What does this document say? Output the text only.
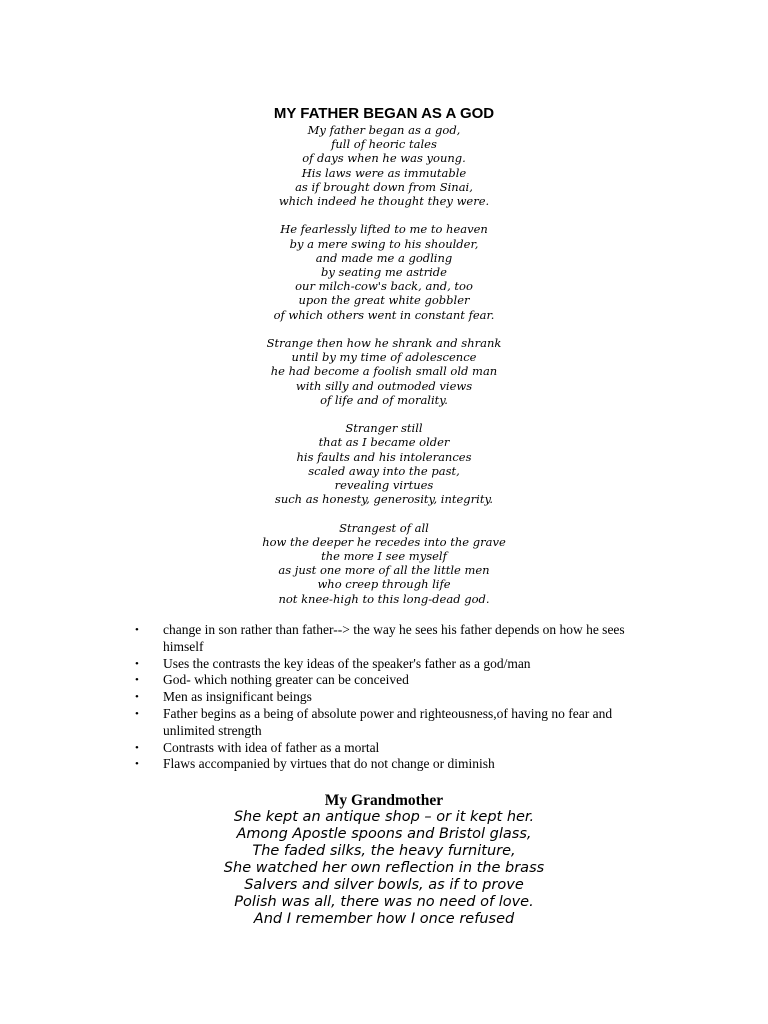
MY FATHER BEGAN AS A GOD
My father began as a god,
full of heoric tales
of days when he was young.
His laws were as immutable
as if brought down from Sinai,
which indeed he thought they were.
He fearlessly lifted to me to heaven
by a mere swing to his shoulder,
and made me a godling
by seating me astride
our milch-cow's back, and, too
upon the great white gobbler
of which others went in constant fear.
Strange then how he shrank and shrank
until by my time of adolescence
he had become a foolish small old man
with silly and outmoded views
of life and of morality.
Stranger still
that as I became older
his faults and his intolerances
scaled away into the past,
revealing virtues
such as honesty, generosity, integrity.
Strangest of all
how the deeper he recedes into the grave
the more I see myself
as just one more of all the little men
who creep through life
not knee-high to this long-dead god.
•	change in son rather than father--> the way he sees his father depends on how he sees himself
•	Uses the contrasts the key ideas of the speaker's father as a god/man
•	God- which nothing greater can be conceived
•	Men as insignificant beings
•	Father begins as a being of absolute power and righteousness,of having no fear and unlimited strength
•	Contrasts with idea of father as a mortal
•	Flaws accompanied by virtues that do not change or diminish
My Grandmother
She kept an antique shop – or it kept her.
Among Apostle spoons and Bristol glass,
The faded silks, the heavy furniture,
She watched her own reflection in the brass
Salvers and silver bowls, as if to prove
Polish was all, there was no need of love.
And I remember how I once refused
